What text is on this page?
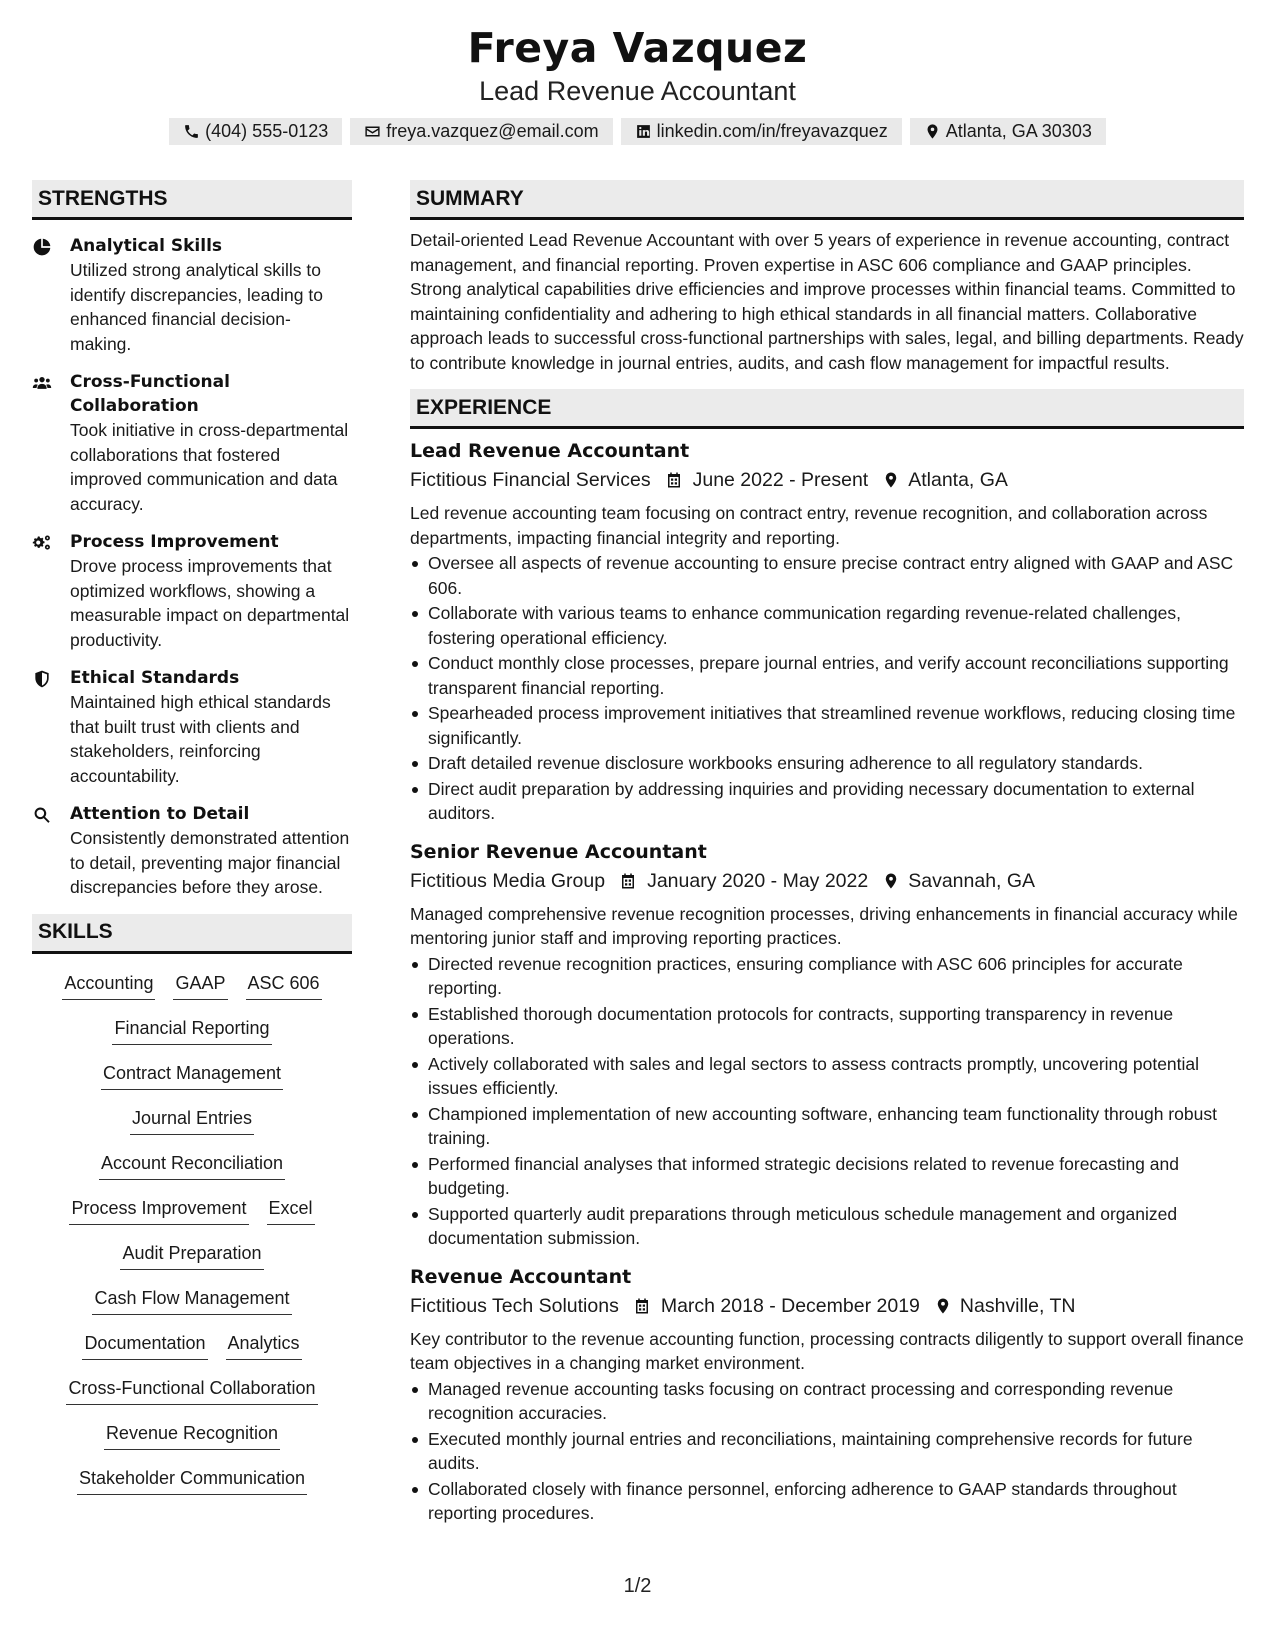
Freya Vazquez
Lead Revenue Accountant
(404) 555-0123	freya.vazquez@email.com	linkedin.com/in/freyavazquez	Atlanta, GA 30303
STRENGTHS
Analytical Skills
Utilized strong analytical skills to identify discrepancies, leading to enhanced financial decision-making.
Cross-Functional Collaboration
Took initiative in cross-departmental collaborations that fostered improved communication and data accuracy.
Process Improvement
Drove process improvements that optimized workflows, showing a measurable impact on departmental productivity.
Ethical Standards
Maintained high ethical standards that built trust with clients and stakeholders, reinforcing accountability.
Attention to Detail
Consistently demonstrated attention to detail, preventing major financial discrepancies before they arose.
SKILLS
Accounting GAAP ASC 606
Financial Reporting
Contract Management
Journal Entries
Account Reconciliation
Process Improvement Excel
Audit Preparation
Cash Flow Management
Documentation Analytics
Cross-Functional Collaboration
Revenue Recognition
Stakeholder Communication
SUMMARY

Detail-oriented Lead Revenue Accountant with over 5 years of experience in revenue accounting, contract management, and financial reporting. Proven expertise in ASC 606 compliance and GAAP principles. Strong analytical capabilities drive efficiencies and improve processes within financial teams. Committed to maintaining confidentiality and adhering to high ethical standards in all financial matters. Collaborative approach leads to successful cross-functional partnerships with sales, legal, and billing departments. Ready to contribute knowledge in journal entries, audits, and cash flow management for impactful results.

EXPERIENCE
Lead Revenue Accountant
Fictitious Financial Services June 2022 - Present Atlanta, GA
Led revenue accounting team focusing on contract entry, revenue recognition, and collaboration across departments, impacting financial integrity and reporting.
Oversee all aspects of revenue accounting to ensure precise contract entry aligned with GAAP and ASC 606.
Collaborate with various teams to enhance communication regarding revenue-related challenges, fostering operational efficiency.
Conduct monthly close processes, prepare journal entries, and verify account reconciliations supporting transparent financial reporting.
Spearheaded process improvement initiatives that streamlined revenue workflows, reducing closing time significantly.
Draft detailed revenue disclosure workbooks ensuring adherence to all regulatory standards.
Direct audit preparation by addressing inquiries and providing necessary documentation to external auditors.
Senior Revenue Accountant
Fictitious Media Group January 2020 - May 2022 Savannah, GA
Managed comprehensive revenue recognition processes, driving enhancements in financial accuracy while mentoring junior staff and improving reporting practices.
Directed revenue recognition practices, ensuring compliance with ASC 606 principles for accurate reporting.
Established thorough documentation protocols for contracts, supporting transparency in revenue operations.
Actively collaborated with sales and legal sectors to assess contracts promptly, uncovering potential issues efficiently.
Championed implementation of new accounting software, enhancing team functionality through robust training.
Performed financial analyses that informed strategic decisions related to revenue forecasting and budgeting.
Supported quarterly audit preparations through meticulous schedule management and organized documentation submission.
Revenue Accountant
Fictitious Tech Solutions March 2018 - December 2019 Nashville, TN
Key contributor to the revenue accounting function, processing contracts diligently to support overall finance team objectives in a changing market environment.
Managed revenue accounting tasks focusing on contract processing and corresponding revenue recognition accuracies.
Executed monthly journal entries and reconciliations, maintaining comprehensive records for future audits.
Collaborated closely with finance personnel, enforcing adherence to GAAP standards throughout reporting procedures.
1/2
